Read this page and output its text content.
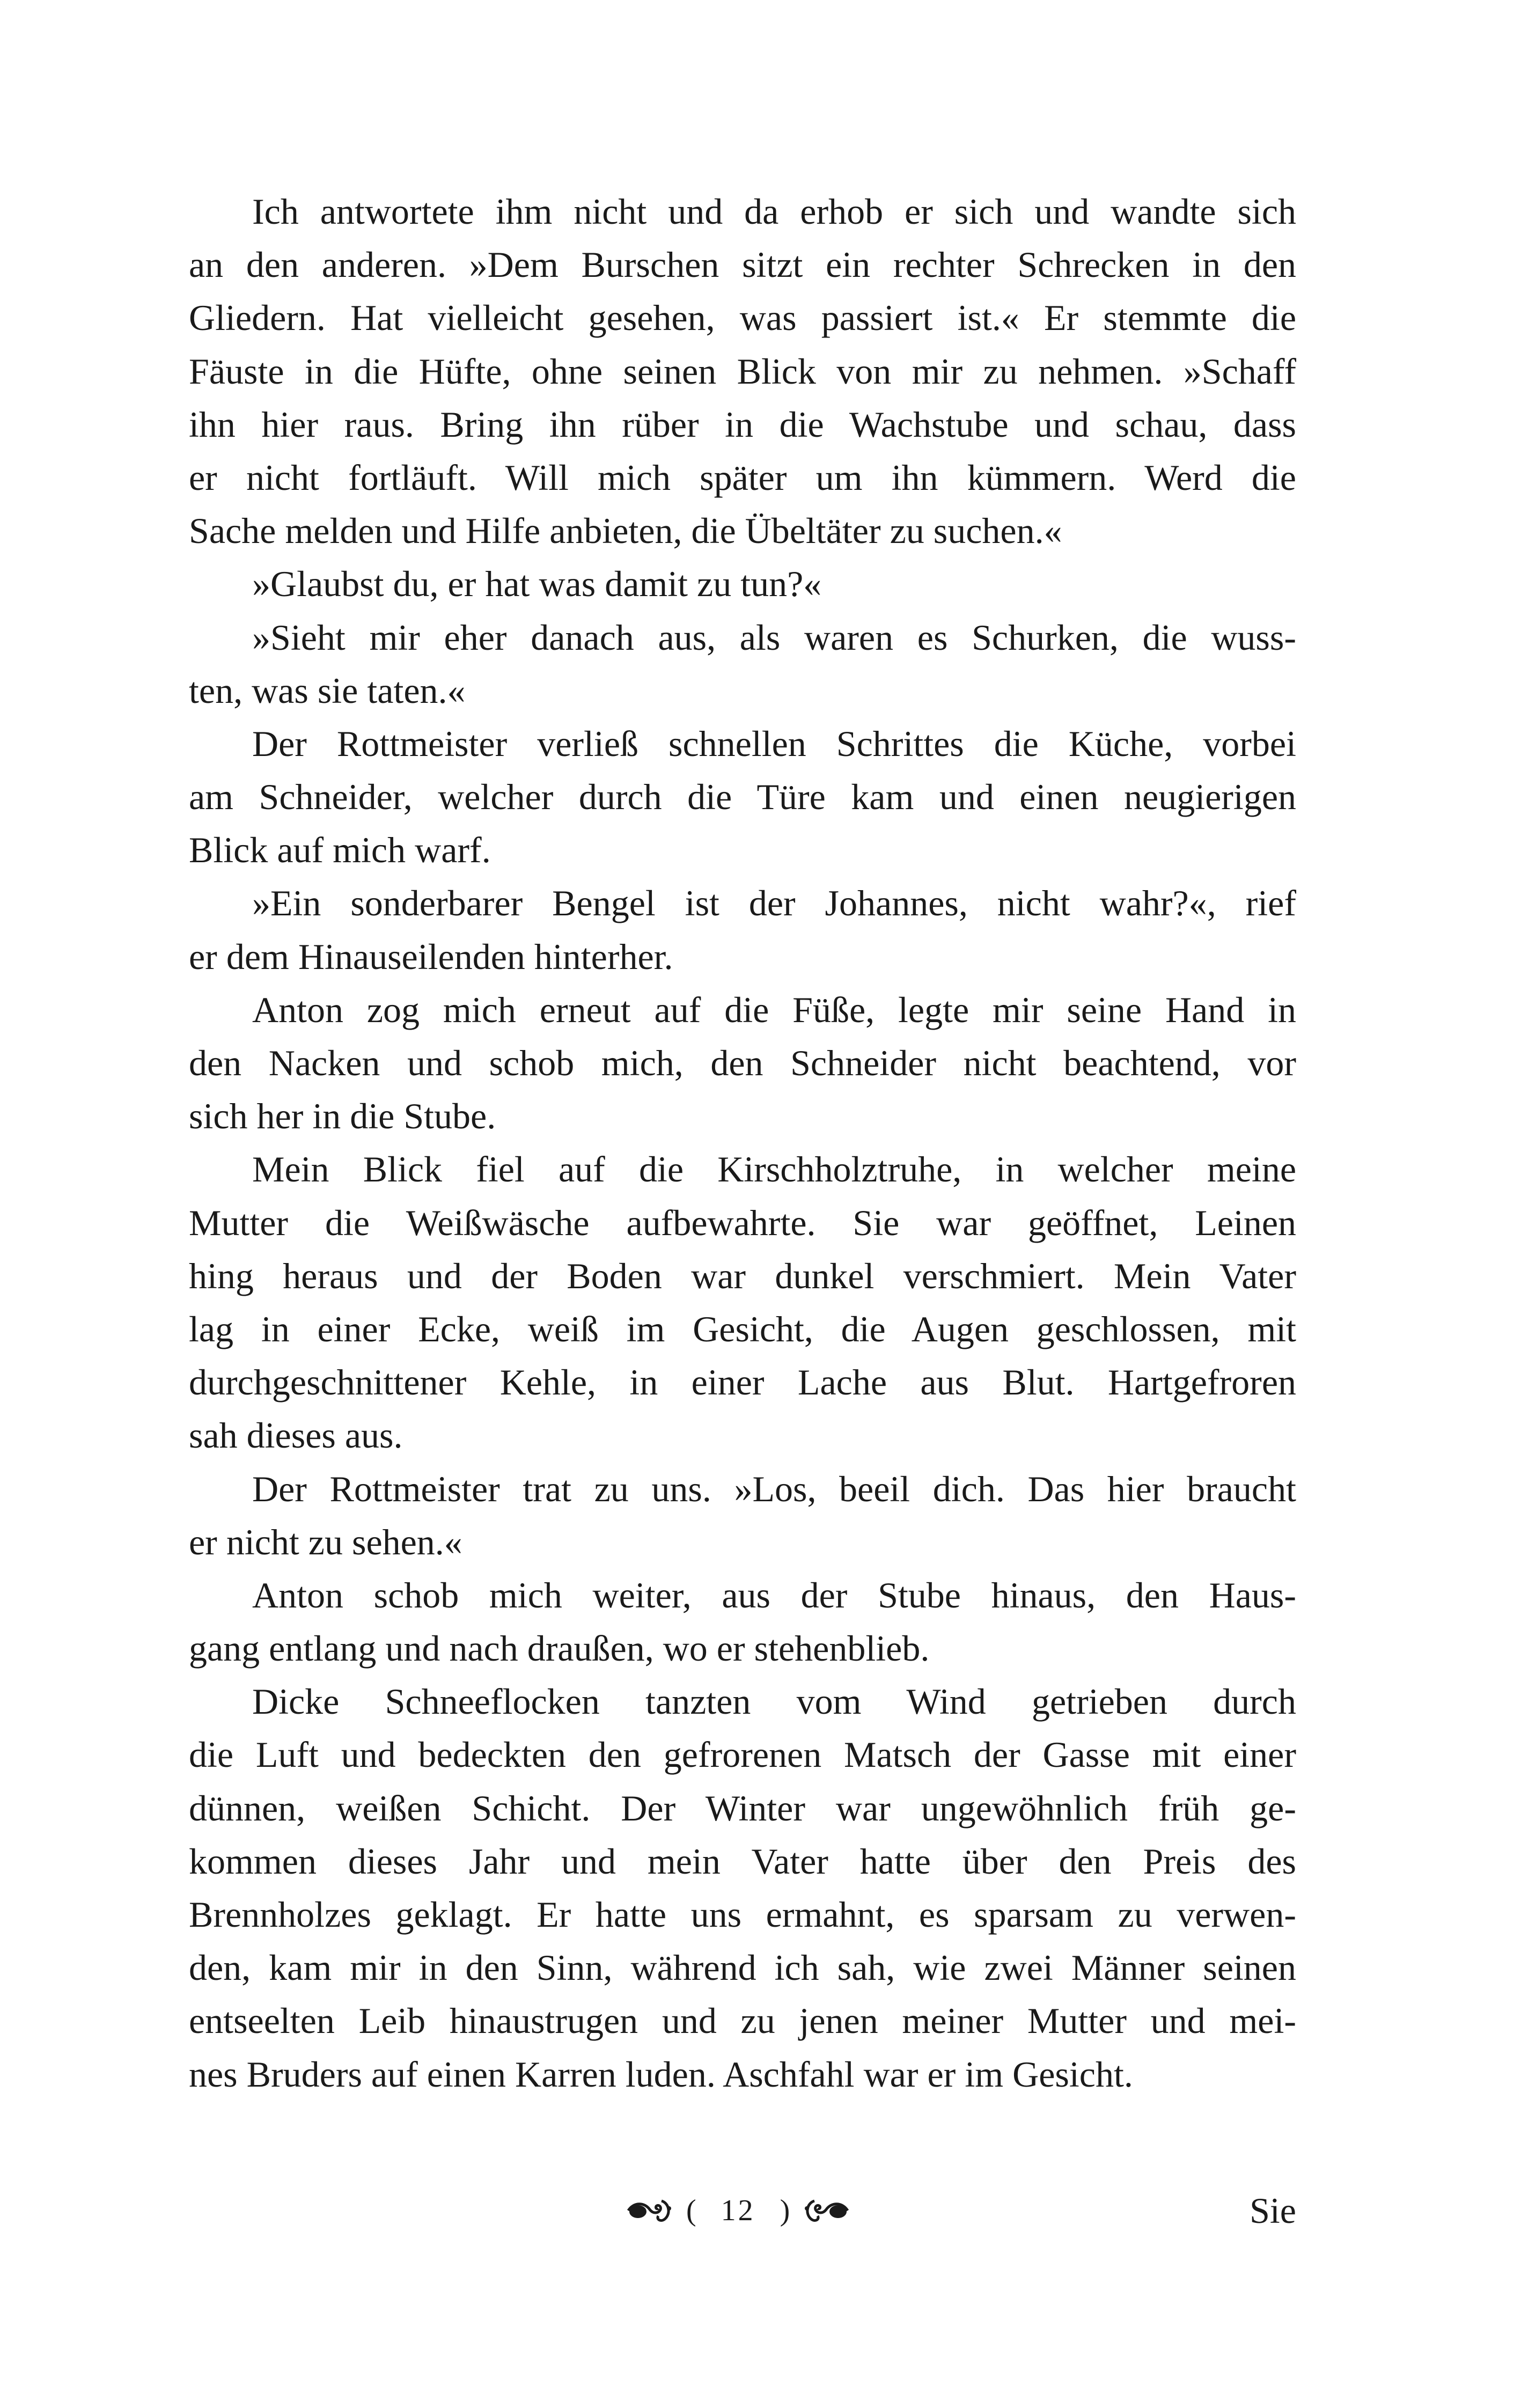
Ich antwortete ihm nicht und da erhob er sich und wandte sich
an den anderen. »Dem Burschen sitzt ein rechter Schrecken in den
Gliedern. Hat vielleicht gesehen, was passiert ist.« Er stemmte die
Fäuste in die Hüfte, ohne seinen Blick von mir zu nehmen. »Schaff
ihn hier raus. Bring ihn rüber in die Wachstube und schau, dass
er nicht fortläuft. Will mich später um ihn kümmern. Werd die
Sache melden und Hilfe anbieten, die Übeltäter zu suchen.«
»Glaubst du, er hat was damit zu tun?«
»Sieht mir eher danach aus, als waren es Schurken, die wuss-
ten, was sie taten.«
Der Rottmeister verließ schnellen Schrittes die Küche, vorbei
am Schneider, welcher durch die Türe kam und einen neugierigen
Blick auf mich warf.
»Ein sonderbarer Bengel ist der Johannes, nicht wahr?«, rief
er dem Hinauseilenden hinterher.
Anton zog mich erneut auf die Füße, legte mir seine Hand in
den Nacken und schob mich, den Schneider nicht beachtend, vor
sich her in die Stube.
Mein Blick fiel auf die Kirschholztruhe, in welcher meine
Mutter die Weißwäsche aufbewahrte. Sie war geöffnet, Leinen
hing heraus und der Boden war dunkel verschmiert. Mein Vater
lag in einer Ecke, weiß im Gesicht, die Augen geschlossen, mit
durchgeschnittener Kehle, in einer Lache aus Blut. Hartgefroren
sah dieses aus.
Der Rottmeister trat zu uns. »Los, beeil dich. Das hier braucht
er nicht zu sehen.«
Anton schob mich weiter, aus der Stube hinaus, den Haus-
gang entlang und nach draußen, wo er stehenblieb.
Dicke Schneeflocken tanzten vom Wind getrieben durch
die Luft und bedeckten den gefrorenen Matsch der Gasse mit einer
dünnen, weißen Schicht. Der Winter war ungewöhnlich früh ge-
kommen dieses Jahr und mein Vater hatte über den Preis des
Brennholzes geklagt. Er hatte uns ermahnt, es sparsam zu verwen-
den, kam mir in den Sinn, während ich sah, wie zwei Männer seinen
entseelten Leib hinaustrugen und zu jenen meiner Mutter und mei-
nes Bruders auf einen Karren luden. Aschfahl war er im Gesicht.
( 12 )	Sie
